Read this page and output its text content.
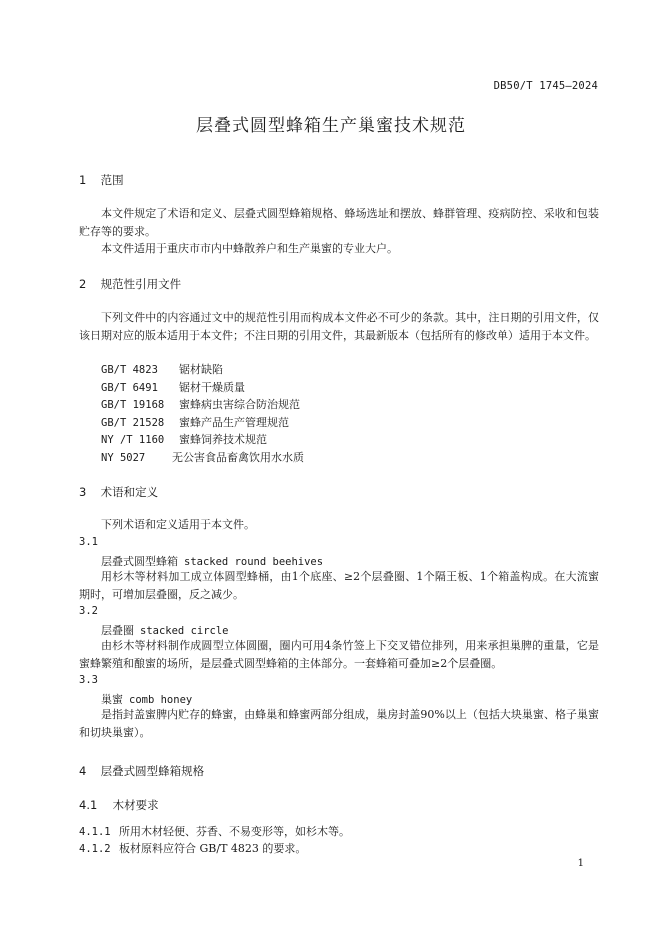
DB50/T 1745—2024
层叠式圆型蜂箱生产巢蜜技术规范
1 范围

本文件规定了术语和定义、层叠式圆型蜂箱规格、蜂场选址和摆放、蜂群管理、疫病防控、采收和包装贮存等的要求。

本文件适用于重庆市市内中蜂散养户和生产巢蜜的专业大户。

2 规范性引用文件

下列文件中的内容通过文中的规范性引用而构成本文件必不可少的条款。其中，注日期的引用文件，仅该日期对应的版本适用于本文件；不注日期的引用文件，其最新版本（包括所有的修改单）适用于本文件。

GB/T 4823 锯材缺陷
GB/T 6491 锯材干燥质量
GB/T 19168 蜜蜂病虫害综合防治规范
GB/T 21528 蜜蜂产品生产管理规范
NY /T 1160 蜜蜂饲养技术规范
NY 5027 无公害食品畜禽饮用水水质
3 术语和定义

下列术语和定义适用于本文件。

3.1
层叠式圆型蜂箱 stacked round beehives

用杉木等材料加工成立体圆型蜂桶，由1个底座、≥2个层叠圈、1个隔王板、1个箱盖构成。在大流蜜期时，可增加层叠圈，反之减少。

3.2
层叠圈 stacked circle

由杉木等材料制作成圆型立体圆圈，圈内可用4条竹签上下交叉错位排列，用来承担巢脾的重量，它是蜜蜂繁殖和酿蜜的场所，是层叠式圆型蜂箱的主体部分。一套蜂箱可叠加≥2个层叠圈。

3.3
巢蜜 comb honey

是指封盖蜜脾内贮存的蜂蜜，由蜂巢和蜂蜜两部分组成，巢房封盖90%以上（包括大块巢蜜、格子巢蜜和切块巢蜜）。

4 层叠式圆型蜂箱规格
4.1 木材要求
4.1.1 所用木材轻便、芬香、不易变形等，如杉木等。
4.1.2 板材原料应符合 GB/T 4823 的要求。
1
